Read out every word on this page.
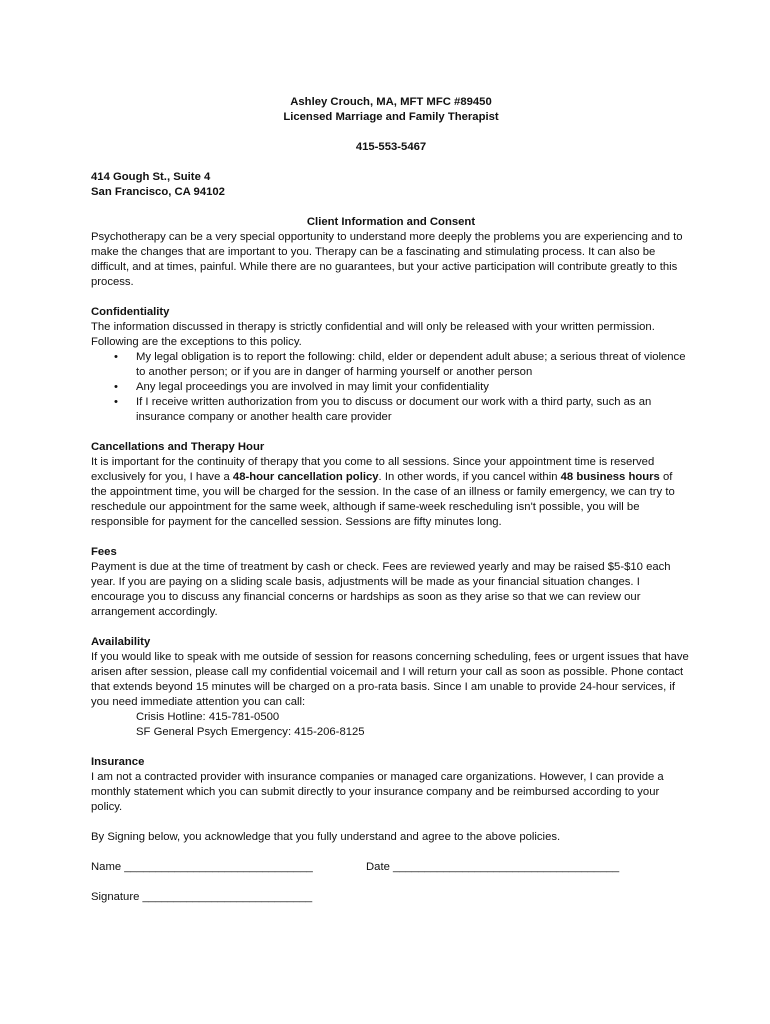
Ashley Crouch, MA, MFT MFC #89450

Licensed Marriage and Family Therapist

415-553-5467

414 Gough St., Suite 4

San Francisco, CA 94102

Client Information and Consent

Psychotherapy can be a very special opportunity to understand more deeply the problems you are experiencing and to make the changes that are important to you. Therapy can be a fascinating and stimulating process. It can also be difficult, and at times, painful. While there are no guarantees, but your active participation will contribute greatly to this process.

Confidentiality

The information discussed in therapy is strictly confidential and will only be released with your written permission. Following are the exceptions to this policy.

• My legal obligation is to report the following: child, elder or dependent adult abuse; a serious threat of violence to another person; or if you are in danger of harming yourself or another person
• Any legal proceedings you are involved in may limit your confidentiality
• If I receive written authorization from you to discuss or document our work with a third party, such as an insurance company or another health care provider

Cancellations and Therapy Hour

It is important for the continuity of therapy that you come to all sessions. Since your appointment time is reserved exclusively for you, I have a 48-hour cancellation policy. In other words, if you cancel within 48 business hours of the appointment time, you will be charged for the session. In the case of an illness or family emergency, we can try to reschedule our appointment for the same week, although if same-week rescheduling isn't possible, you will be responsible for payment for the cancelled session. Sessions are fifty minutes long.

Fees

Payment is due at the time of treatment by cash or check. Fees are reviewed yearly and may be raised $5-$10 each year. If you are paying on a sliding scale basis, adjustments will be made as your financial situation changes. I encourage you to discuss any financial concerns or hardships as soon as they arise so that we can review our arrangement accordingly.

Availability

If you would like to speak with me outside of session for reasons concerning scheduling, fees or urgent issues that have arisen after session, please call my confidential voicemail and I will return your call as soon as possible. Phone contact that extends beyond 15 minutes will be charged on a pro-rata basis. Since I am unable to provide 24-hour services, if you need immediate attention you can call:

Crisis Hotline: 415-781-0500

SF General Psych Emergency: 415-206-8125

Insurance

I am not a contracted provider with insurance companies or managed care organizations. However, I can provide a monthly statement which you can submit directly to your insurance company and be reimbursed according to your policy.

By Signing below, you acknowledge that you fully understand and agree to the above policies.

Name ______________________________	Date ____________________________________

Signature ___________________________
